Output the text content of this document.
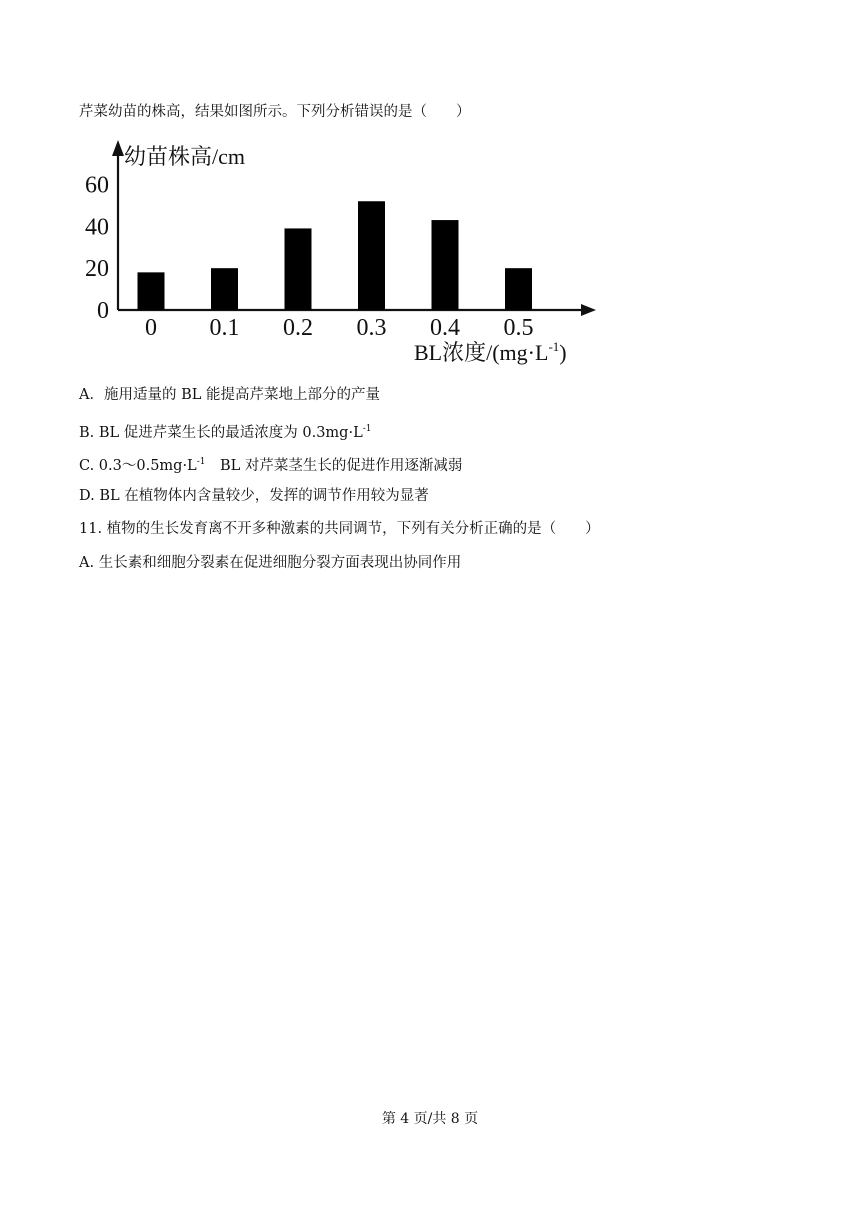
芹菜幼苗的株高，结果如图所示。下列分析错误的是（　　）
幼苗株高/cm
0
20
40
60
0 0.1 0.2 0.3 0.4 0.5
BL浓度$/(mg\cdot L^{-1})$
A．施用适量的 BL 能提高芹菜地上部分的产量
B. BL 促进芹菜生长的最适浓度为 $0.3mg\cdot L^{-1}$
C. $0.3\sim 0.5mg\cdot L^{-1}$　BL 对芹菜茎生长的促进作用逐渐减弱
D. BL 在植物体内含量较少，发挥的调节作用较为显著
11. 植物的生长发育离不开多种激素的共同调节，下列有关分析正确的是（　　）
A. 生长素和细胞分裂素在促进细胞分裂方面表现出协同作用
第 4 页/共 8 页
